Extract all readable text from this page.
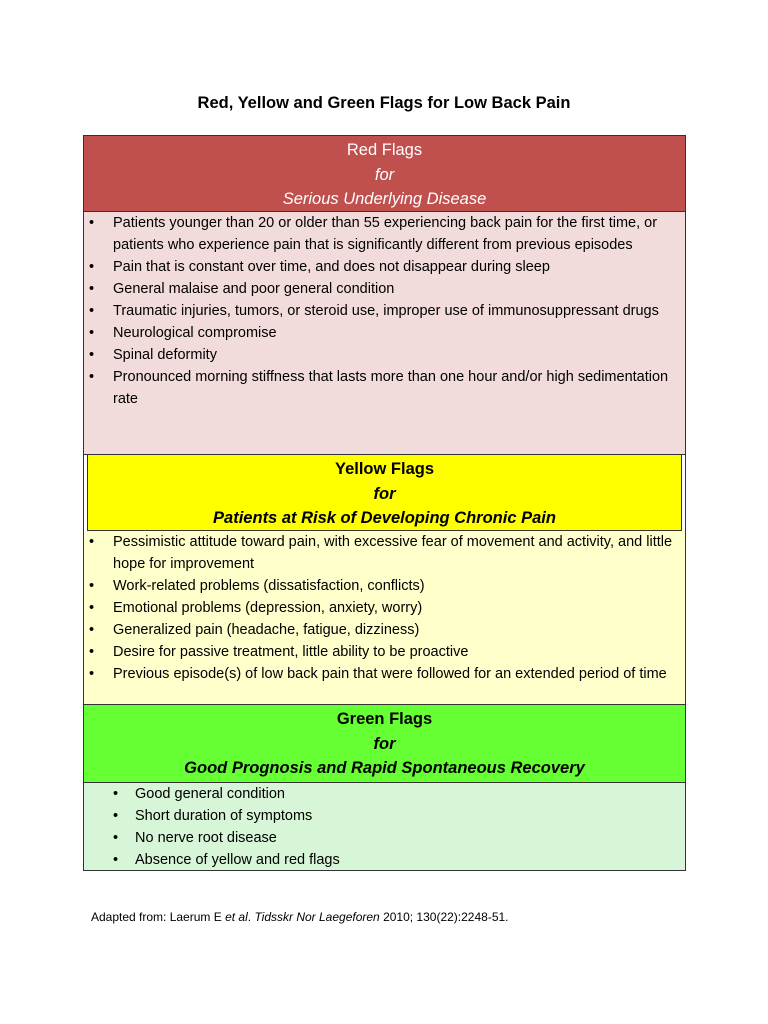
Red, Yellow and Green Flags for Low Back Pain
Red Flags
for
Serious Underlying Disease
• Patients younger than 20 or older than 55 experiencing back pain for the first time, or patients who experience pain that is significantly different from previous episodes
• Pain that is constant over time, and does not disappear during sleep
• General malaise and poor general condition
• Traumatic injuries, tumors, or steroid use, improper use of immunosuppressant drugs
• Neurological compromise
• Spinal deformity
• Pronounced morning stiffness that lasts more than one hour and/or high sedimentation rate
Yellow Flags
for
Patients at Risk of Developing Chronic Pain
• Pessimistic attitude toward pain, with excessive fear of movement and activity, and little hope for improvement
• Work-related problems (dissatisfaction, conflicts)
• Emotional problems (depression, anxiety, worry)
• Generalized pain (headache, fatigue, dizziness)
• Desire for passive treatment, little ability to be proactive
• Previous episode(s) of low back pain that were followed for an extended period of time
Green Flags
for
Good Prognosis and Rapid Spontaneous Recovery
• Good general condition
• Short duration of symptoms
• No nerve root disease
• Absence of yellow and red flags
Adapted from: Laerum E et al. Tidsskr Nor Laegeforen 2010; 130(22):2248-51.
